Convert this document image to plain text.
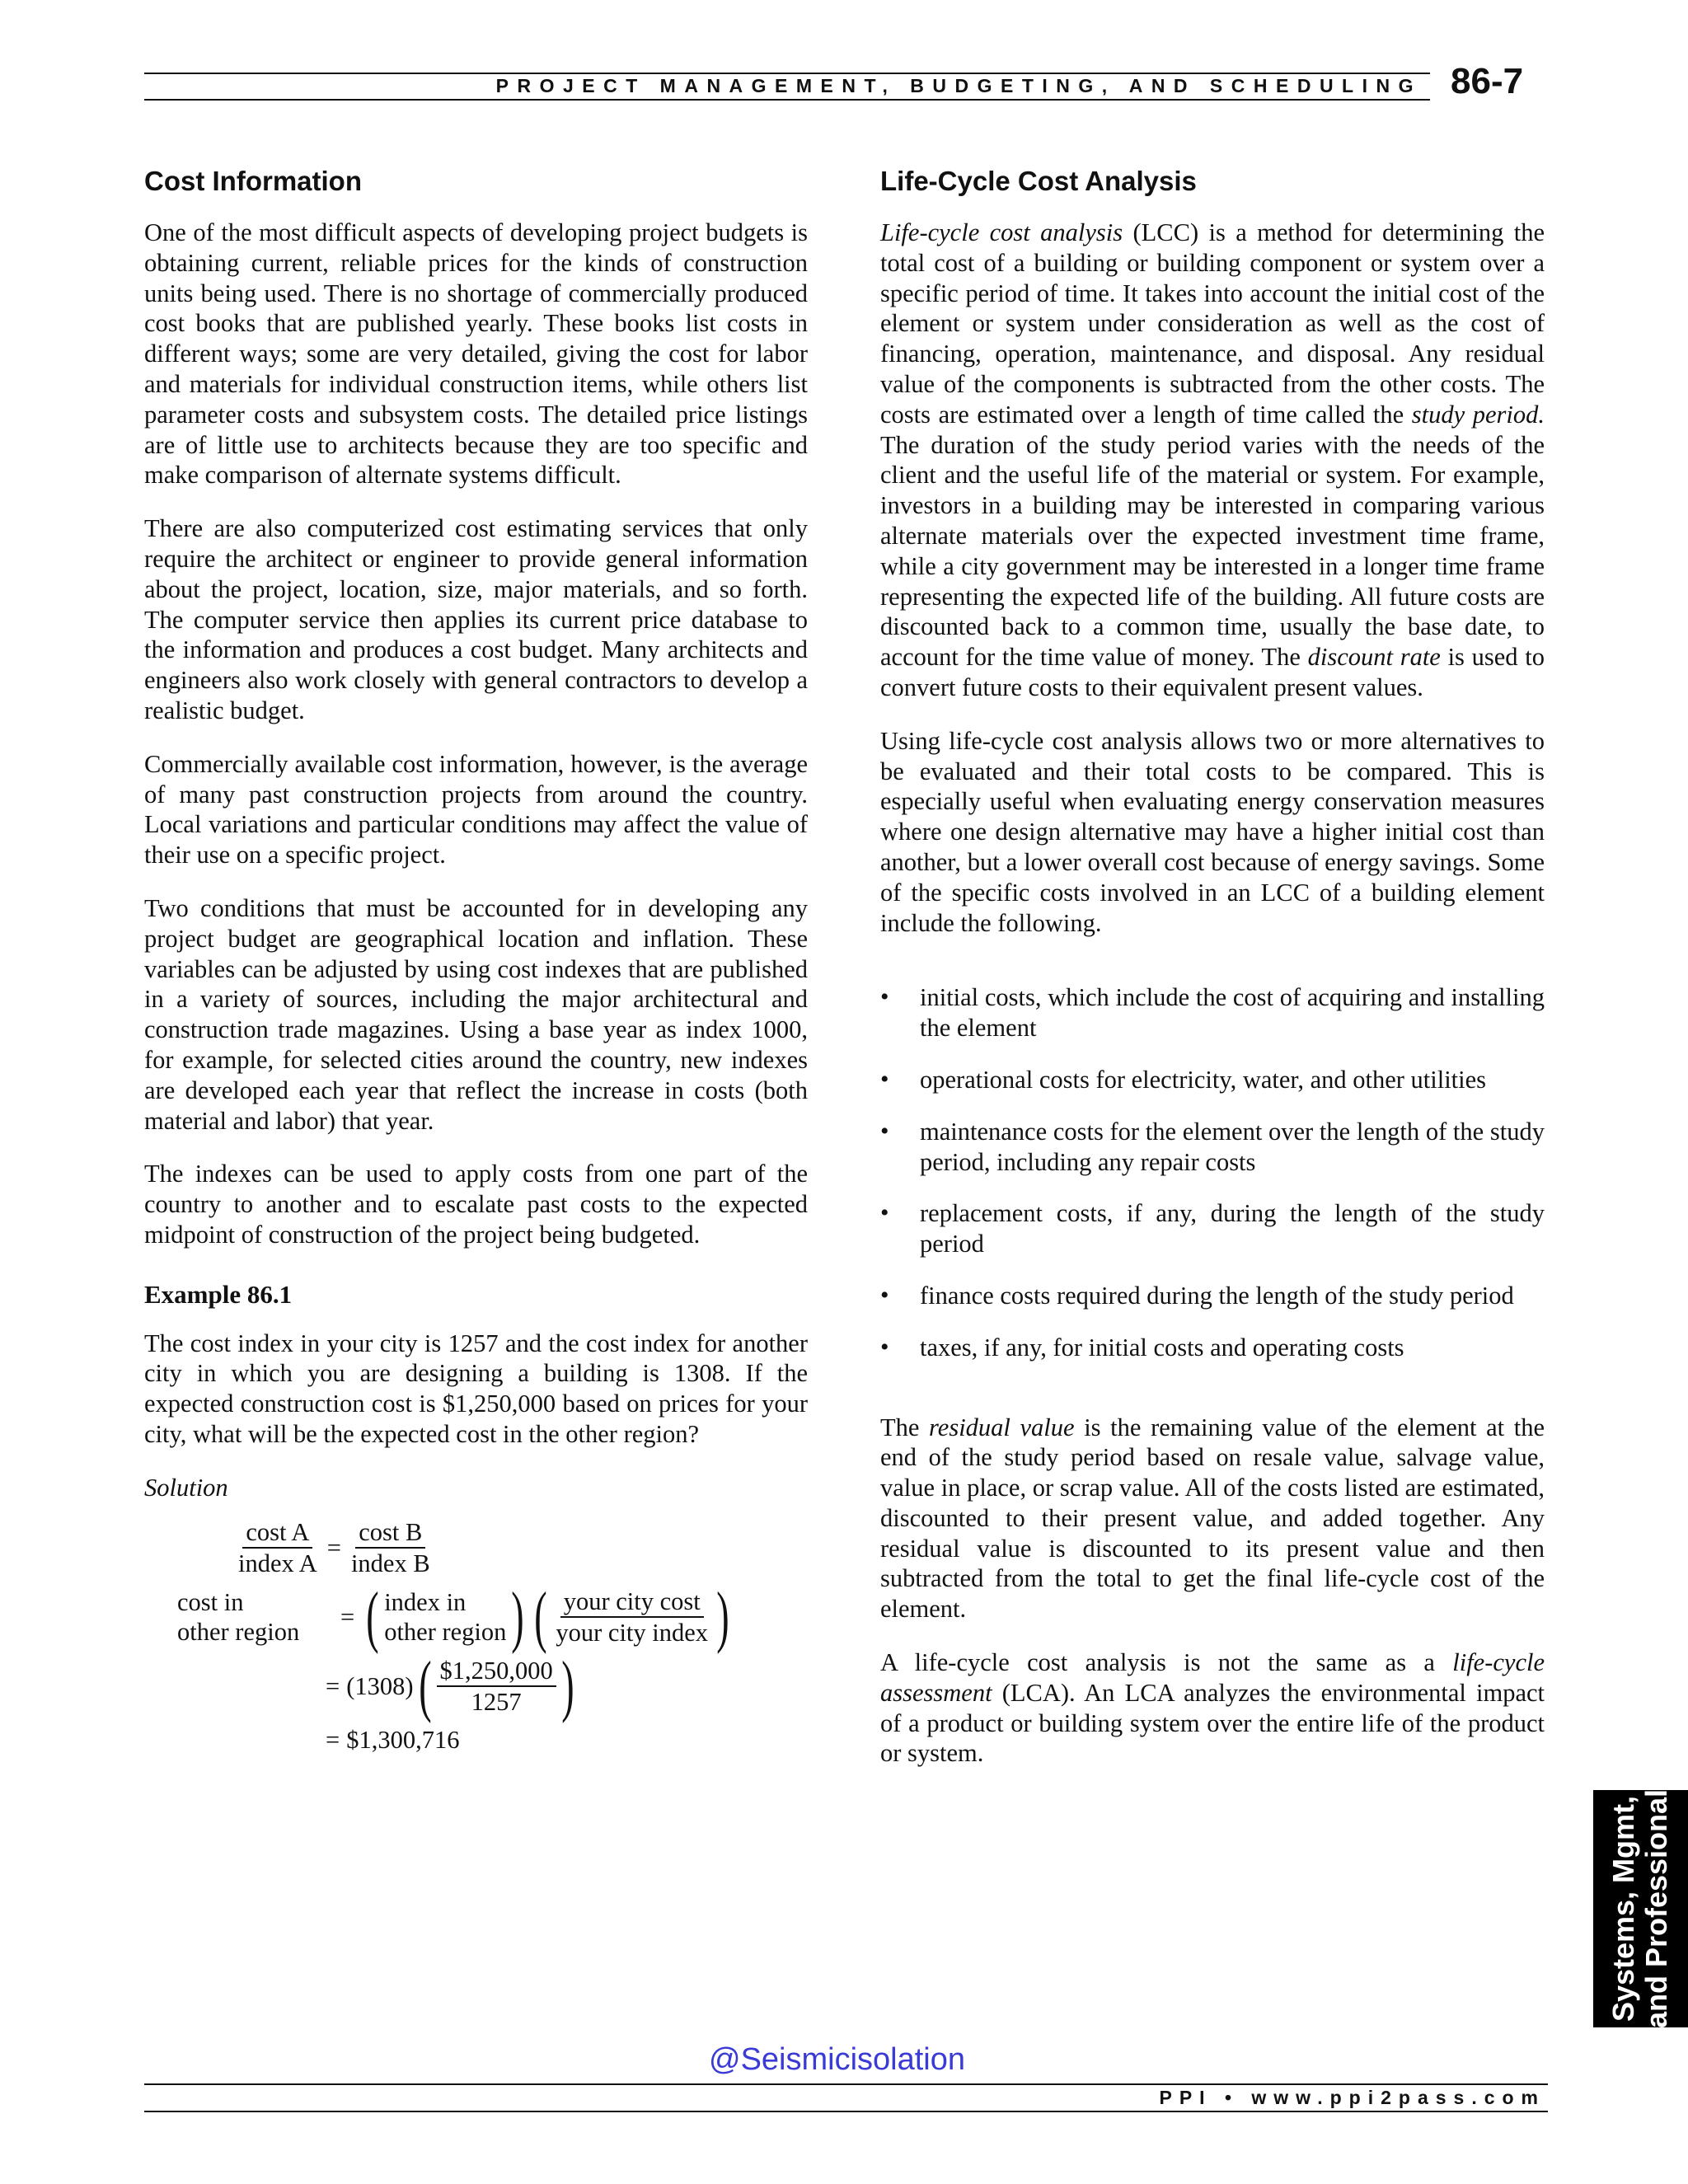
PROJECT MANAGEMENT, BUDGETING, AND SCHEDULING 86-7
Cost Information

One of the most difficult aspects of developing project budgets is obtaining current, reliable prices for the kinds of construction units being used. There is no shortage of commercially produced cost books that are published yearly. These books list costs in different ways; some are very detailed, giving the cost for labor and materials for individual construction items, while others list parameter costs and subsystem costs. The detailed price listings are of little use to architects because they are too specific and make comparison of alternate systems difficult.

There are also computerized cost estimating services that only require the architect or engineer to provide general information about the project, location, size, major materials, and so forth. The computer service then applies its current price database to the information and produces a cost budget. Many architects and engineers also work closely with general contractors to develop a realistic budget.

Commercially available cost information, however, is the average of many past construction projects from around the country. Local variations and particular conditions may affect the value of their use on a specific project.

Two conditions that must be accounted for in developing any project budget are geographical location and inflation. These variables can be adjusted by using cost indexes that are published in a variety of sources, including the major architectural and construction trade magazines. Using a base year as index 1000, for example, for selected cities around the country, new indexes are developed each year that reflect the increase in costs (both material and labor) that year.

The indexes can be used to apply costs from one part of the country to another and to escalate past costs to the expected midpoint of construction of the project being budgeted.

Example 86.1

The cost index in your city is 1257 and the cost index for another city in which you are designing a building is 1308. If the expected construction cost is $1,250,000 based on prices for your city, what will be the expected cost in the other region?

Solution
$\frac{\text{cost A}}{\text{index A}} = \frac{\text{cost B}}{\text{index B}}$
cost in
other region
= ( index in
other region ) ( $\frac{\text{your city cost}}{\text{your city index}}$ )
= (1308) ( $\frac{\$1,250,000}{1257}$ )
= $1,300,716
Life-Cycle Cost Analysis

Life-cycle cost analysis (LCC) is a method for determining the total cost of a building or building component or system over a specific period of time. It takes into account the initial cost of the element or system under consideration as well as the cost of financing, operation, maintenance, and disposal. Any residual value of the components is subtracted from the other costs. The costs are estimated over a length of time called the study period. The duration of the study period varies with the needs of the client and the useful life of the material or system. For example, investors in a building may be interested in comparing various alternate materials over the expected investment time frame, while a city government may be interested in a longer time frame representing the expected life of the building. All future costs are discounted back to a common time, usually the base date, to account for the time value of money. The discount rate is used to convert future costs to their equivalent present values.

Using life-cycle cost analysis allows two or more alternatives to be evaluated and their total costs to be compared. This is especially useful when evaluating energy conservation measures where one design alternative may have a higher initial cost than another, but a lower overall cost because of energy savings. Some of the specific costs involved in an LCC of a building element include the following.

• initial costs, which include the cost of acquiring and installing the element
• operational costs for electricity, water, and other utilities
• maintenance costs for the element over the length of the study period, including any repair costs
• replacement costs, if any, during the length of the study period
• finance costs required during the length of the study period
• taxes, if any, for initial costs and operating costs

The residual value is the remaining value of the element at the end of the study period based on resale value, salvage value, value in place, or scrap value. All of the costs listed are estimated, discounted to their present value, and added together. Any residual value is discounted to its present value and then subtracted from the total to get the final life-cycle cost of the element.

A life-cycle cost analysis is not the same as a life-cycle assessment (LCA). An LCA analyzes the environmental impact of a product or building system over the entire life of the product or system.

Systems, Mgmt, and Professional
@Seismicisolation
PPI • www.ppi2pass.com
